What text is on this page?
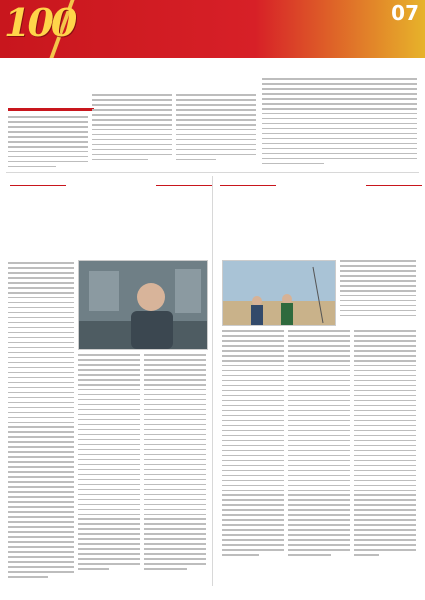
100	07
